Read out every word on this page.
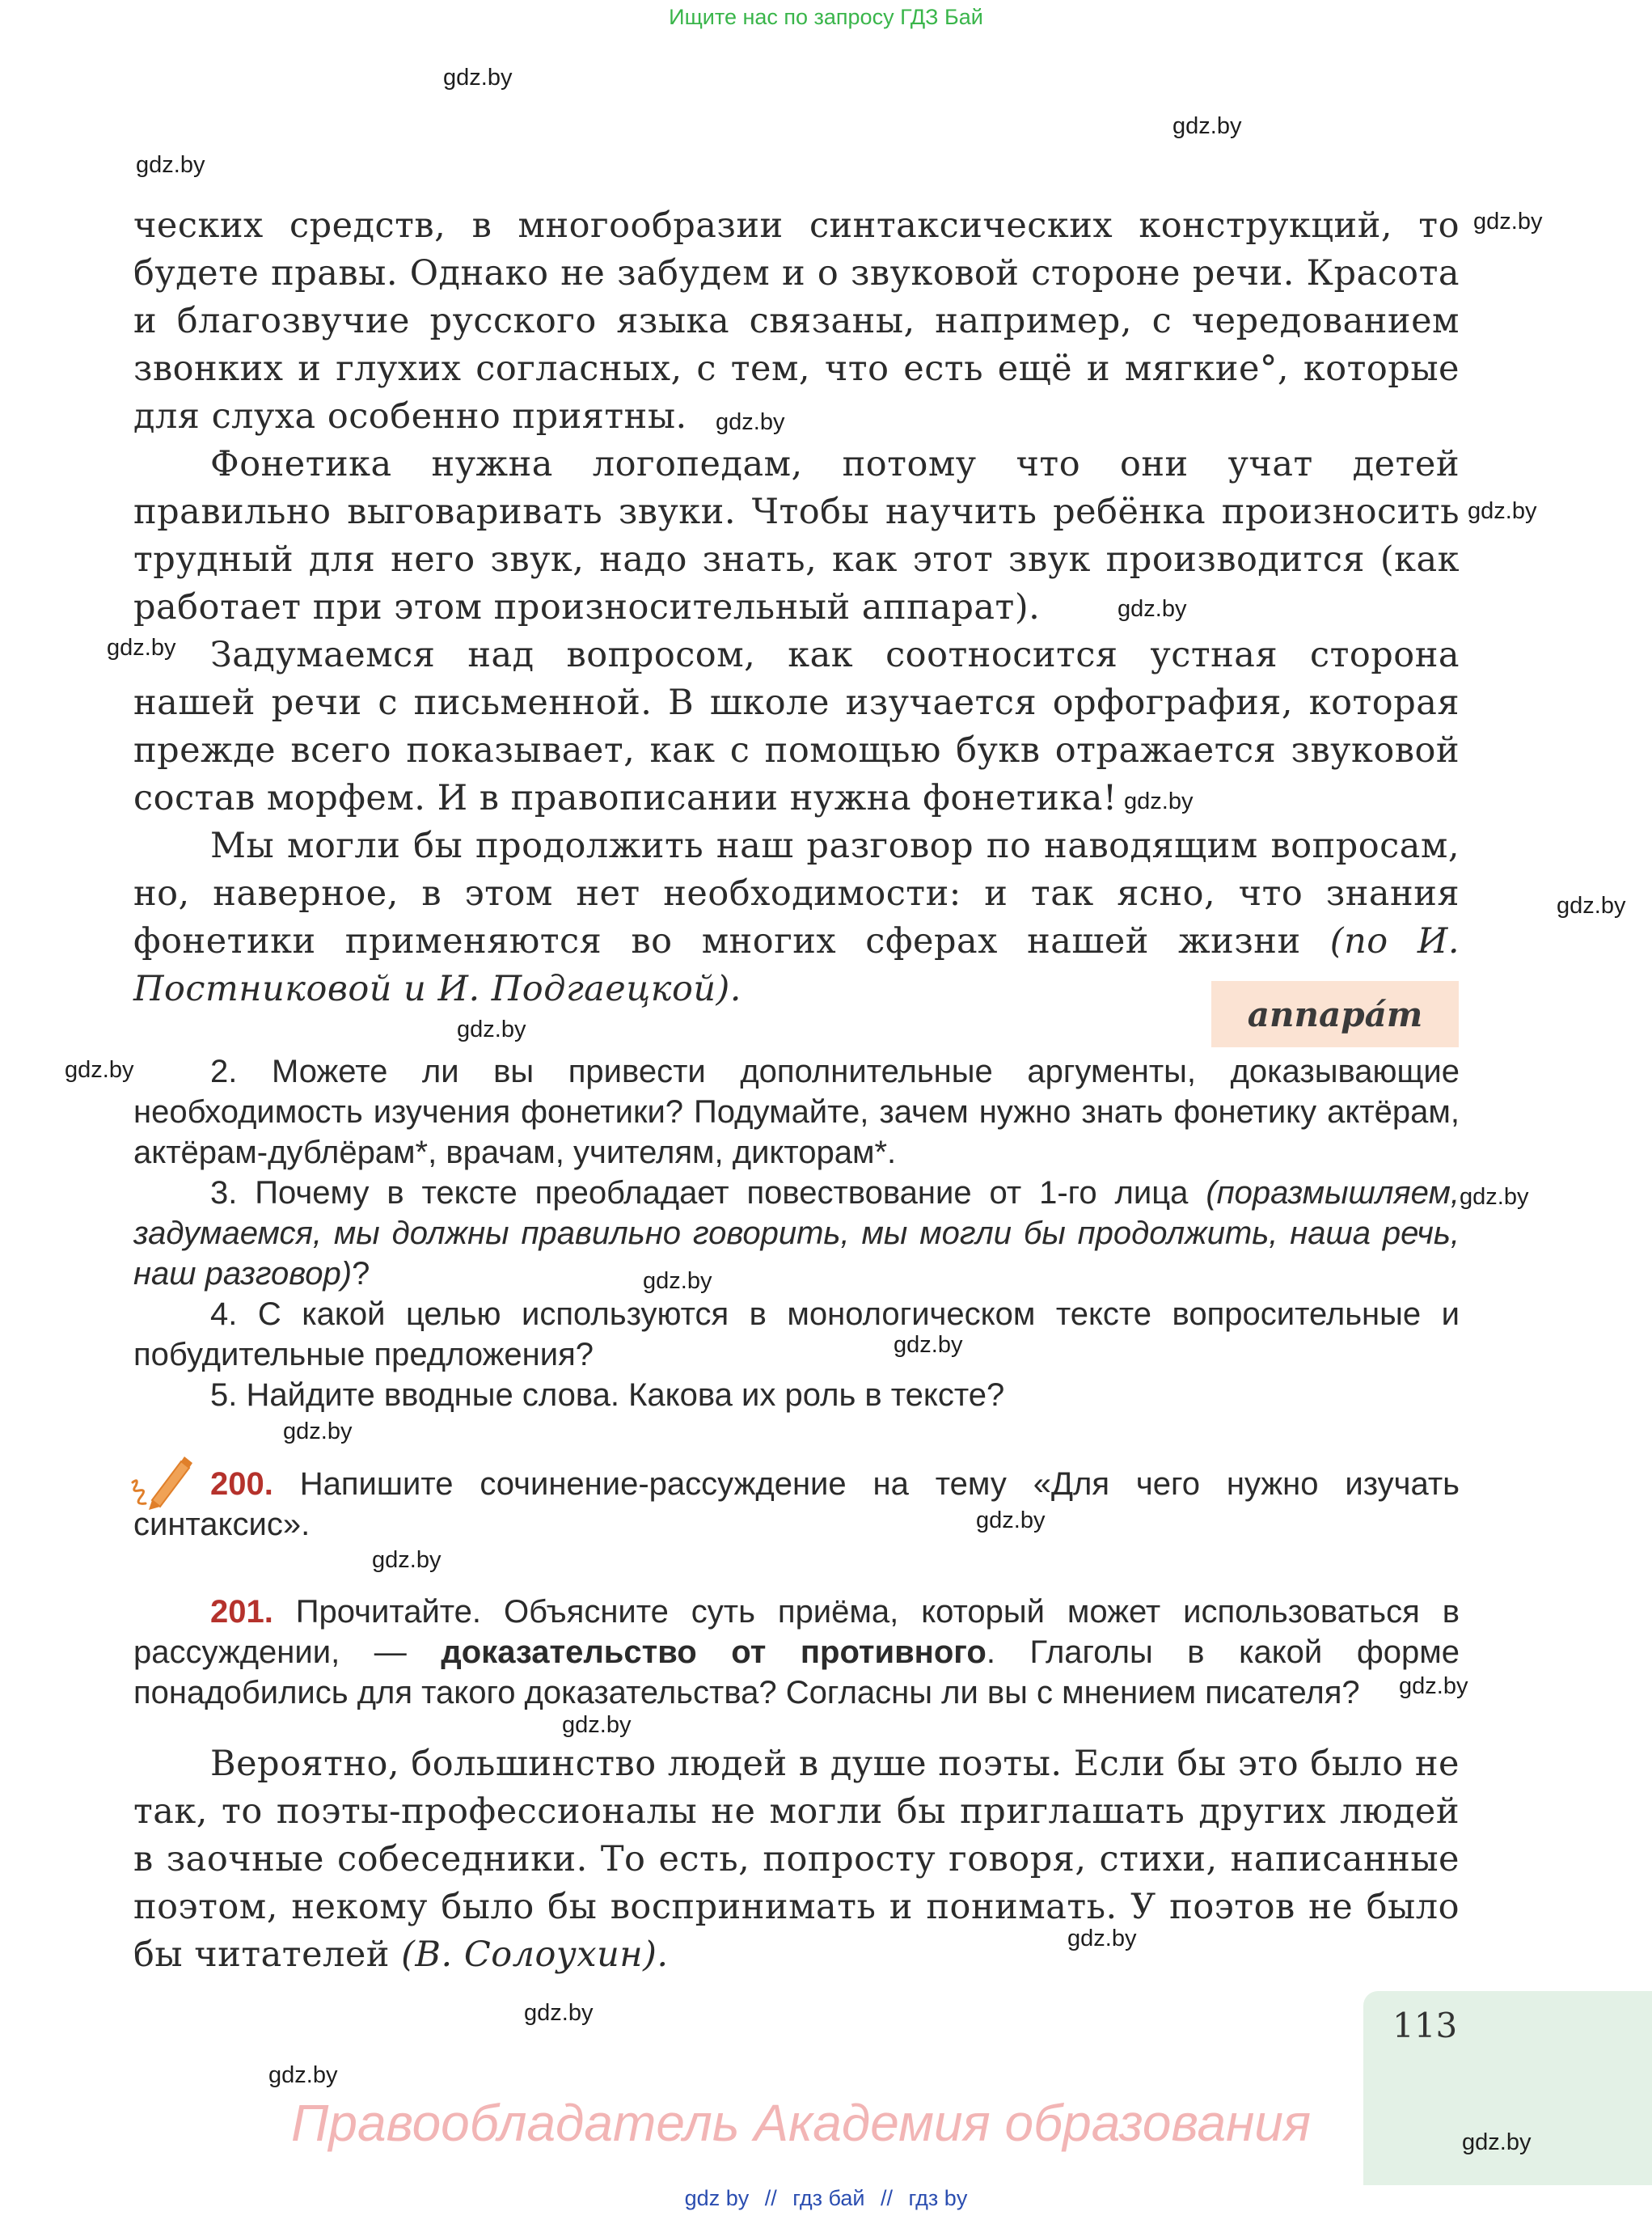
Ищите нас по запросу ГДЗ Бай
gdz.by
gdz.by
gdz.by
gdz.by
gdz.by
gdz.by
gdz.by
gdz.by
gdz.by
gdz.by
gdz.by
gdz.by
gdz.by
gdz.by
gdz.by
gdz.by
gdz.by
gdz.by
gdz.by
gdz.by
gdz.by
gdz.by
gdz.by

ческих средств, в многообразии синтаксических конструкций, то будете правы. Однако не забудем и о звуковой стороне речи. Красота и благозвучие русского языка связаны, например, с чередованием звонких и глухих согласных, с тем, что есть ещё и мягкие°, которые для слуха особенно приятны.

Фонетика нужна логопедам, потому что они учат детей правильно выговаривать звуки. Чтобы научить ребёнка произносить трудный для него звук, надо знать, как этот звук производится (как работает при этом произносительный аппарат).

Задумаемся над вопросом, как соотносится устная сторона нашей речи с письменной. В школе изучается орфография, которая прежде всего показывает, как с помощью букв отражается звуковой состав морфем. И в правописании нужна фонетика!

Мы могли бы продолжить наш разговор по наводящим вопросам, но, наверное, в этом нет необходимости: и так ясно, что знания фонетики применяются во многих сферах нашей жизни (по И. Постниковой и И. Подгаецкой).

аппара́т

2. Можете ли вы привести дополнительные аргументы, доказывающие необходимость изучения фонетики? Подумайте, зачем нужно знать фонетику актёрам, актёрам-дублёрам*, врачам, учителям, дикторам*.

3. Почему в тексте преобладает повествование от 1-го лица (поразмышляем, задумаемся, мы должны правильно говорить, мы могли бы продолжить, наша речь, наш разговор)?

4. С какой целью используются в монологическом тексте вопросительные и побудительные предложения?

5. Найдите вводные слова. Какова их роль в тексте?

200. Напишите сочинение-рассуждение на тему «Для чего нужно изучать синтаксис».

201. Прочитайте. Объясните суть приёма, который может использоваться в рассуждении, — доказательство от противного. Глаголы в какой форме понадобились для такого доказательства? Согласны ли вы с мнением писателя?

Вероятно, большинство людей в душе поэты. Если бы это было не так, то поэты-профессионалы не могли бы приглашать других людей в заочные собеседники. То есть, попросту говоря, стихи, написанные поэтом, некому было бы воспринимать и понимать. У поэтов не было бы читателей (В. Солоухин).

113
gdz.by
Правообладатель Академия образования
gdz by // гдз бай // гдз by
